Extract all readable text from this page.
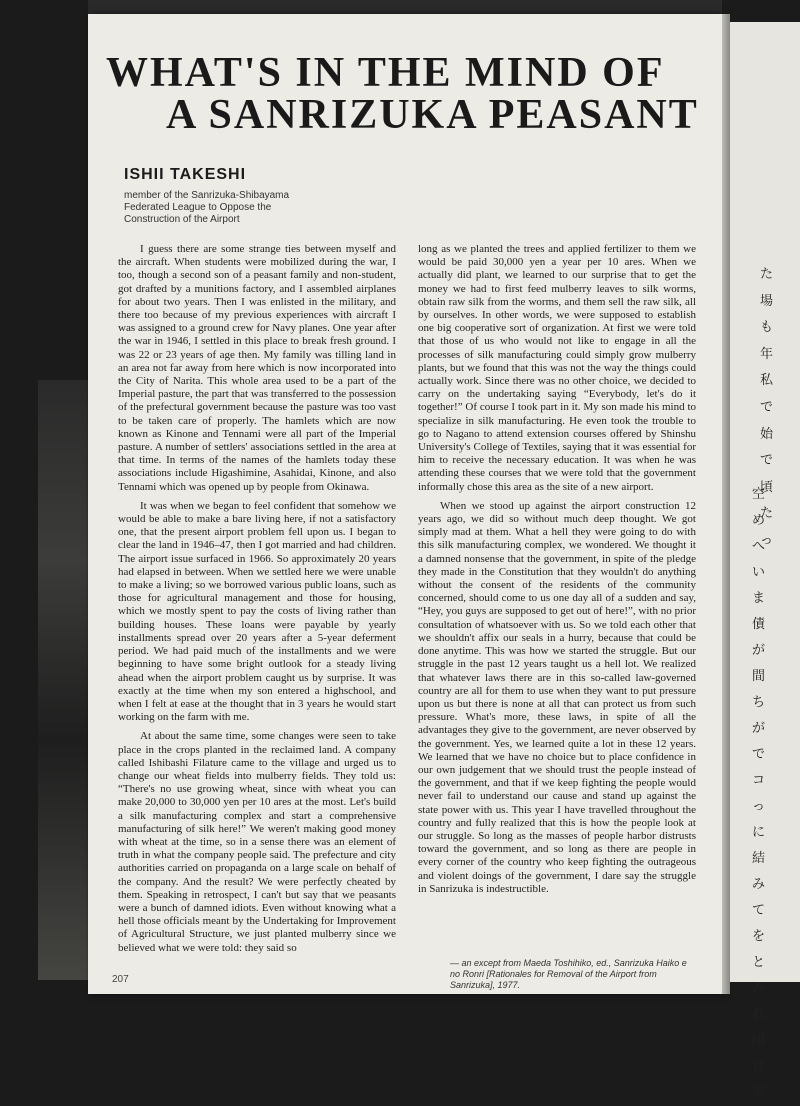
WHAT'S IN THE MIND OF
A SANRIZUKA PEASANT
ISHII TAKESHI
member of the Sanrizuka-Shibayama Federated League to Oppose the Construction of the Airport

I guess there are some strange ties between myself and the aircraft. When students were mobilized during the war, I too, though a second son of a peasant family and non-student, got drafted by a munitions factory, and I assembled airplanes for about two years. Then I was enlisted in the military, and there too because of my previous experiences with aircraft I was assigned to a ground crew for Navy planes. One year after the war in 1946, I settled in this place to break fresh ground. I was 22 or 23 years of age then. My family was tilling land in an area not far away from here which is now incorporated into the City of Narita. This whole area used to be a part of the Imperial pasture, the part that was transferred to the possession of the prefectural government because the pasture was too vast to be taken care of properly. The hamlets which are now known as Kinone and Tennami were all part of the Imperial pasture. A number of settlers' associations settled in the area at that time. In terms of the names of the hamlets today these associations include Higashimine, Asahidai, Kinone, and also Tennami which was opened up by people from Okinawa.

It was when we began to feel confident that somehow we would be able to make a bare living here, if not a satisfactory one, that the present airport problem fell upon us. I began to clear the land in 1946–47, then I got married and had children. The airport issue surfaced in 1966. So approximately 20 years had elapsed in between. When we settled here we were unable to make a living; so we borrowed various public loans, such as those for agricultural management and those for housing, which we mostly spent to pay the costs of living rather than building houses. These loans were payable by yearly installments spread over 20 years after a 5-year deferment period. We had paid much of the installments and we were beginning to have some bright outlook for a steady living ahead when the airport problem caught us by surprise. It was exactly at the time when my son entered a highschool, and when I felt at ease at the thought that in 3 years he would start working on the farm with me.

At about the same time, some changes were seen to take place in the crops planted in the reclaimed land. A company called Ishibashi Filature came to the village and urged us to change our wheat fields into mulberry fields. They told us: “There's no use growing wheat, since with wheat you can make 20,000 to 30,000 yen per 10 ares at the most. Let's build a silk manufacturing complex and start a comprehensive manufacturing of silk here!” We weren't making good money with wheat at the time, so in a sense there was an element of truth in what the company people said. The prefecture and city authorities carried on propaganda on a large scale on behalf of the company. And the result? We were perfectly cheated by them. Speaking in retrospect, I can't but say that we peasants were a bunch of damned idiots. Even without knowing what a hell those officials meant by the Undertaking for Improvement of Agricultural Structure, we just planted mulberry since we believed what we were told: they said so

long as we planted the trees and applied fertilizer to them we would be paid 30,000 yen a year per 10 ares. When we actually did plant, we learned to our surprise that to get the money we had to first feed mulberry leaves to silk worms, obtain raw silk from the worms, and them sell the raw silk, all by ourselves. In other words, we were supposed to establish one big cooperative sort of organization. At first we were told that those of us who would not like to engage in all the processes of silk manufacturing could simply grow mulberry plants, but we found that this was not the way the things could actually work. Since there was no other choice, we decided to carry on the undertaking saying “Everybody, let's do it together!” Of course I took part in it. My son made his mind to specialize in silk manufacturing. He even took the trouble to go to Nagano to attend extension courses offered by Shinshu University's College of Textiles, saying that it was essential for him to receive the necessary education. It was when he was attending these courses that we were told that the government informally chose this area as the site of a new airport.

When we stood up against the airport construction 12 years ago, we did so without much deep thought. We got simply mad at them. What a hell they were going to do with this silk manufacturing complex, we wondered. We thought it a damned nonsense that the government, in spite of the pledge they made in the Constitution that they wouldn't do anything without the consent of the residents of the community concerned, should come to us one day all of a sudden and say, “Hey, you guys are supposed to get out of here!”, with no prior consultation of whatsoever with us. So we told each other that we shouldn't affix our seals in a hurry, because that could be done anytime. This was how we started the struggle. But our struggle in the past 12 years taught us a hell lot. We realized that whatever laws there are in this so-called law-governed country are all for them to use when they want to put pressure upon us but there is none at all that can protect us from such pressure. What's more, these laws, in spite of all the advantages they give to the government, are never observed by the government. Yes, we learned quite a lot in these 12 years. We learned that we have no choice but to place confidence in our own judgement that we should trust the people instead of the government, and that if we keep fighting the people would never fail to understand our cause and stand up against the state power with us. This year I have travelled throughout the country and fully realized that this is how the people look at our struggle. So long as the masses of people harbor distrusts toward the government, and so long as there are people in every corner of the country who keep fighting the outrageous and violent doings of the government, I dare say the struggle in Sanrizuka is indestructible.

— an except from Maeda Toshihiko, ed., Sanrizuka Haiko e no Ronri [Rationales for Removal of the Airport from Sanrizuka], 1977.
207
た
場
も
年
私
で
始
で
頃
た
っ
空
め
へ
い
ま
債
が
間
ち
が
で
コ
っ
に
結
み
て
を
と
み
れ
団
け
実
